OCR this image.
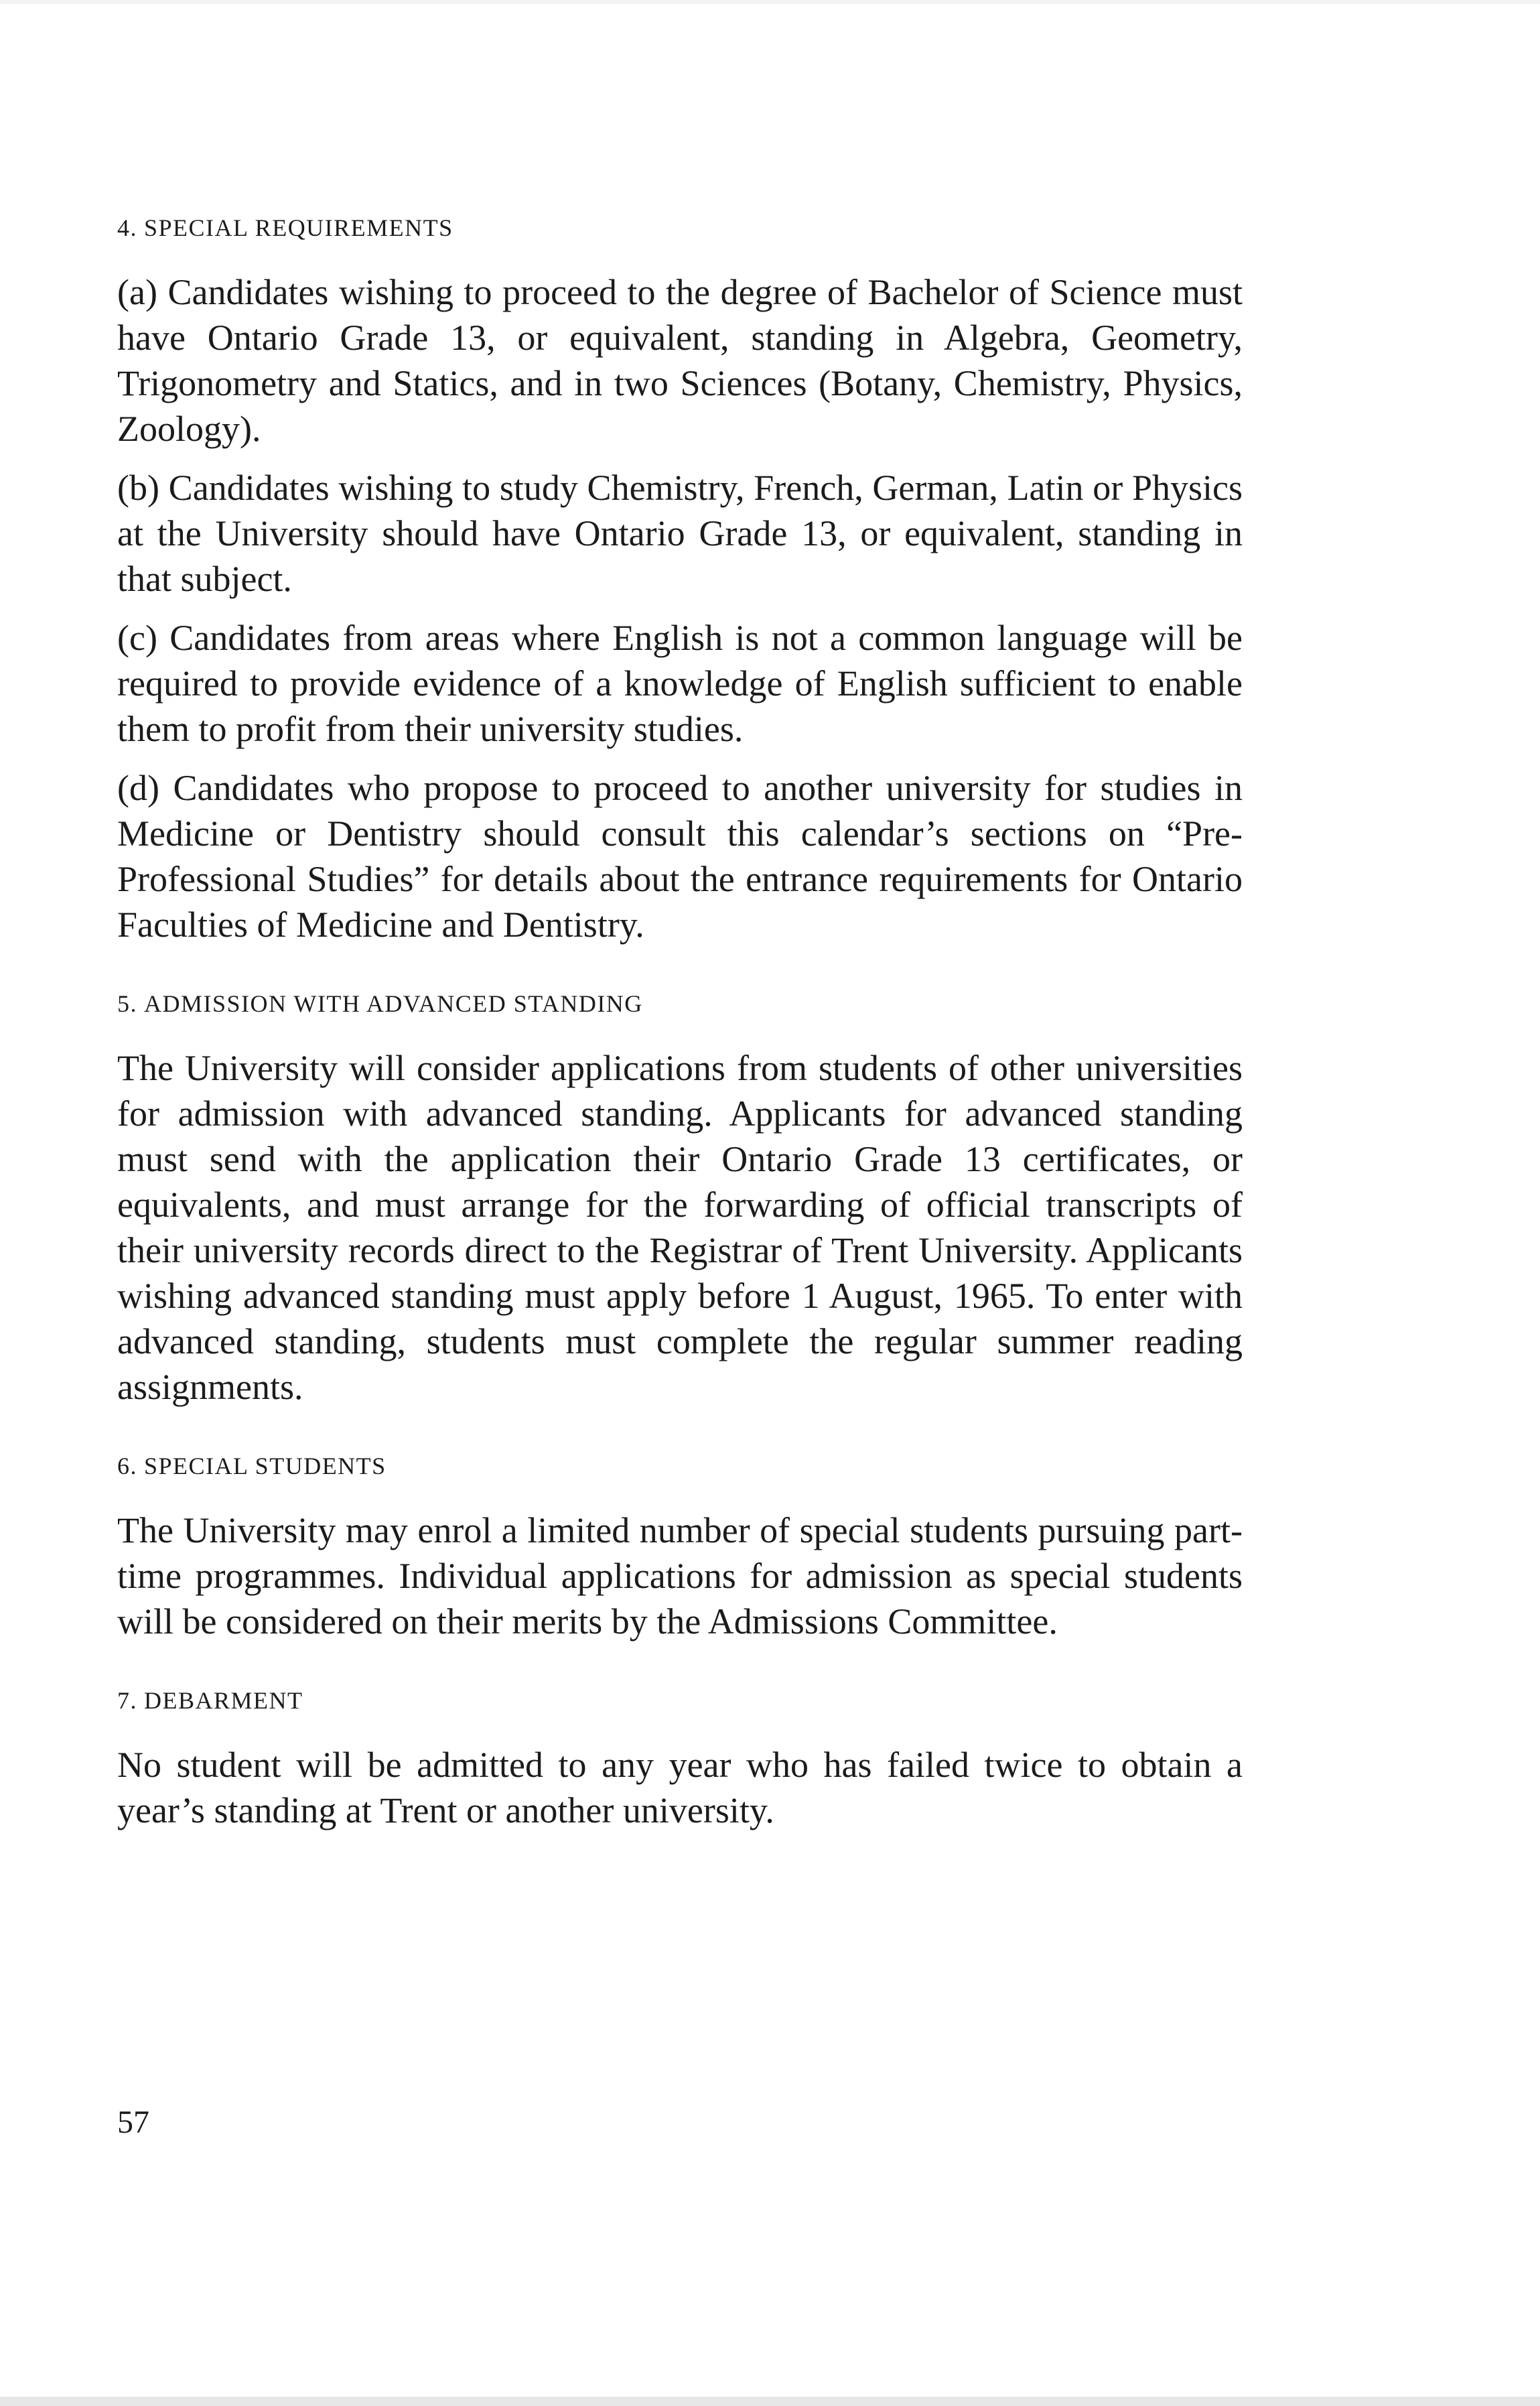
4. SPECIAL REQUIREMENTS

(a) Candidates wishing to proceed to the degree of Bachelor of Science must have Ontario Grade 13, or equivalent, standing in Algebra, Geometry, Trigonometry and Statics, and in two Sciences (Botany, Chemistry, Physics, Zoology).

(b) Candidates wishing to study Chemistry, French, German, Latin or Physics at the University should have Ontario Grade 13, or equivalent, standing in that subject.

(c) Candidates from areas where English is not a common language will be required to provide evidence of a knowledge of English sufficient to enable them to profit from their university studies.

(d) Candidates who propose to proceed to another university for studies in Medicine or Dentistry should consult this calendar’s sections on “Pre-Professional Studies” for details about the entrance requirements for Ontario Faculties of Medicine and Dentistry.

5. ADMISSION WITH ADVANCED STANDING

The University will consider applications from students of other universities for admission with advanced standing. Applicants for advanced standing must send with the application their Ontario Grade 13 certificates, or equivalents, and must arrange for the forwarding of official transcripts of their university records direct to the Registrar of Trent University. Applicants wishing advanced standing must apply before 1 August, 1965. To enter with advanced standing, students must complete the regular summer reading assignments.

6. SPECIAL STUDENTS

The University may enrol a limited number of special students pursuing part-time programmes. Individual applications for admission as special students will be considered on their merits by the Admissions Committee.

7. DEBARMENT

No student will be admitted to any year who has failed twice to obtain a year’s standing at Trent or another university.

57
